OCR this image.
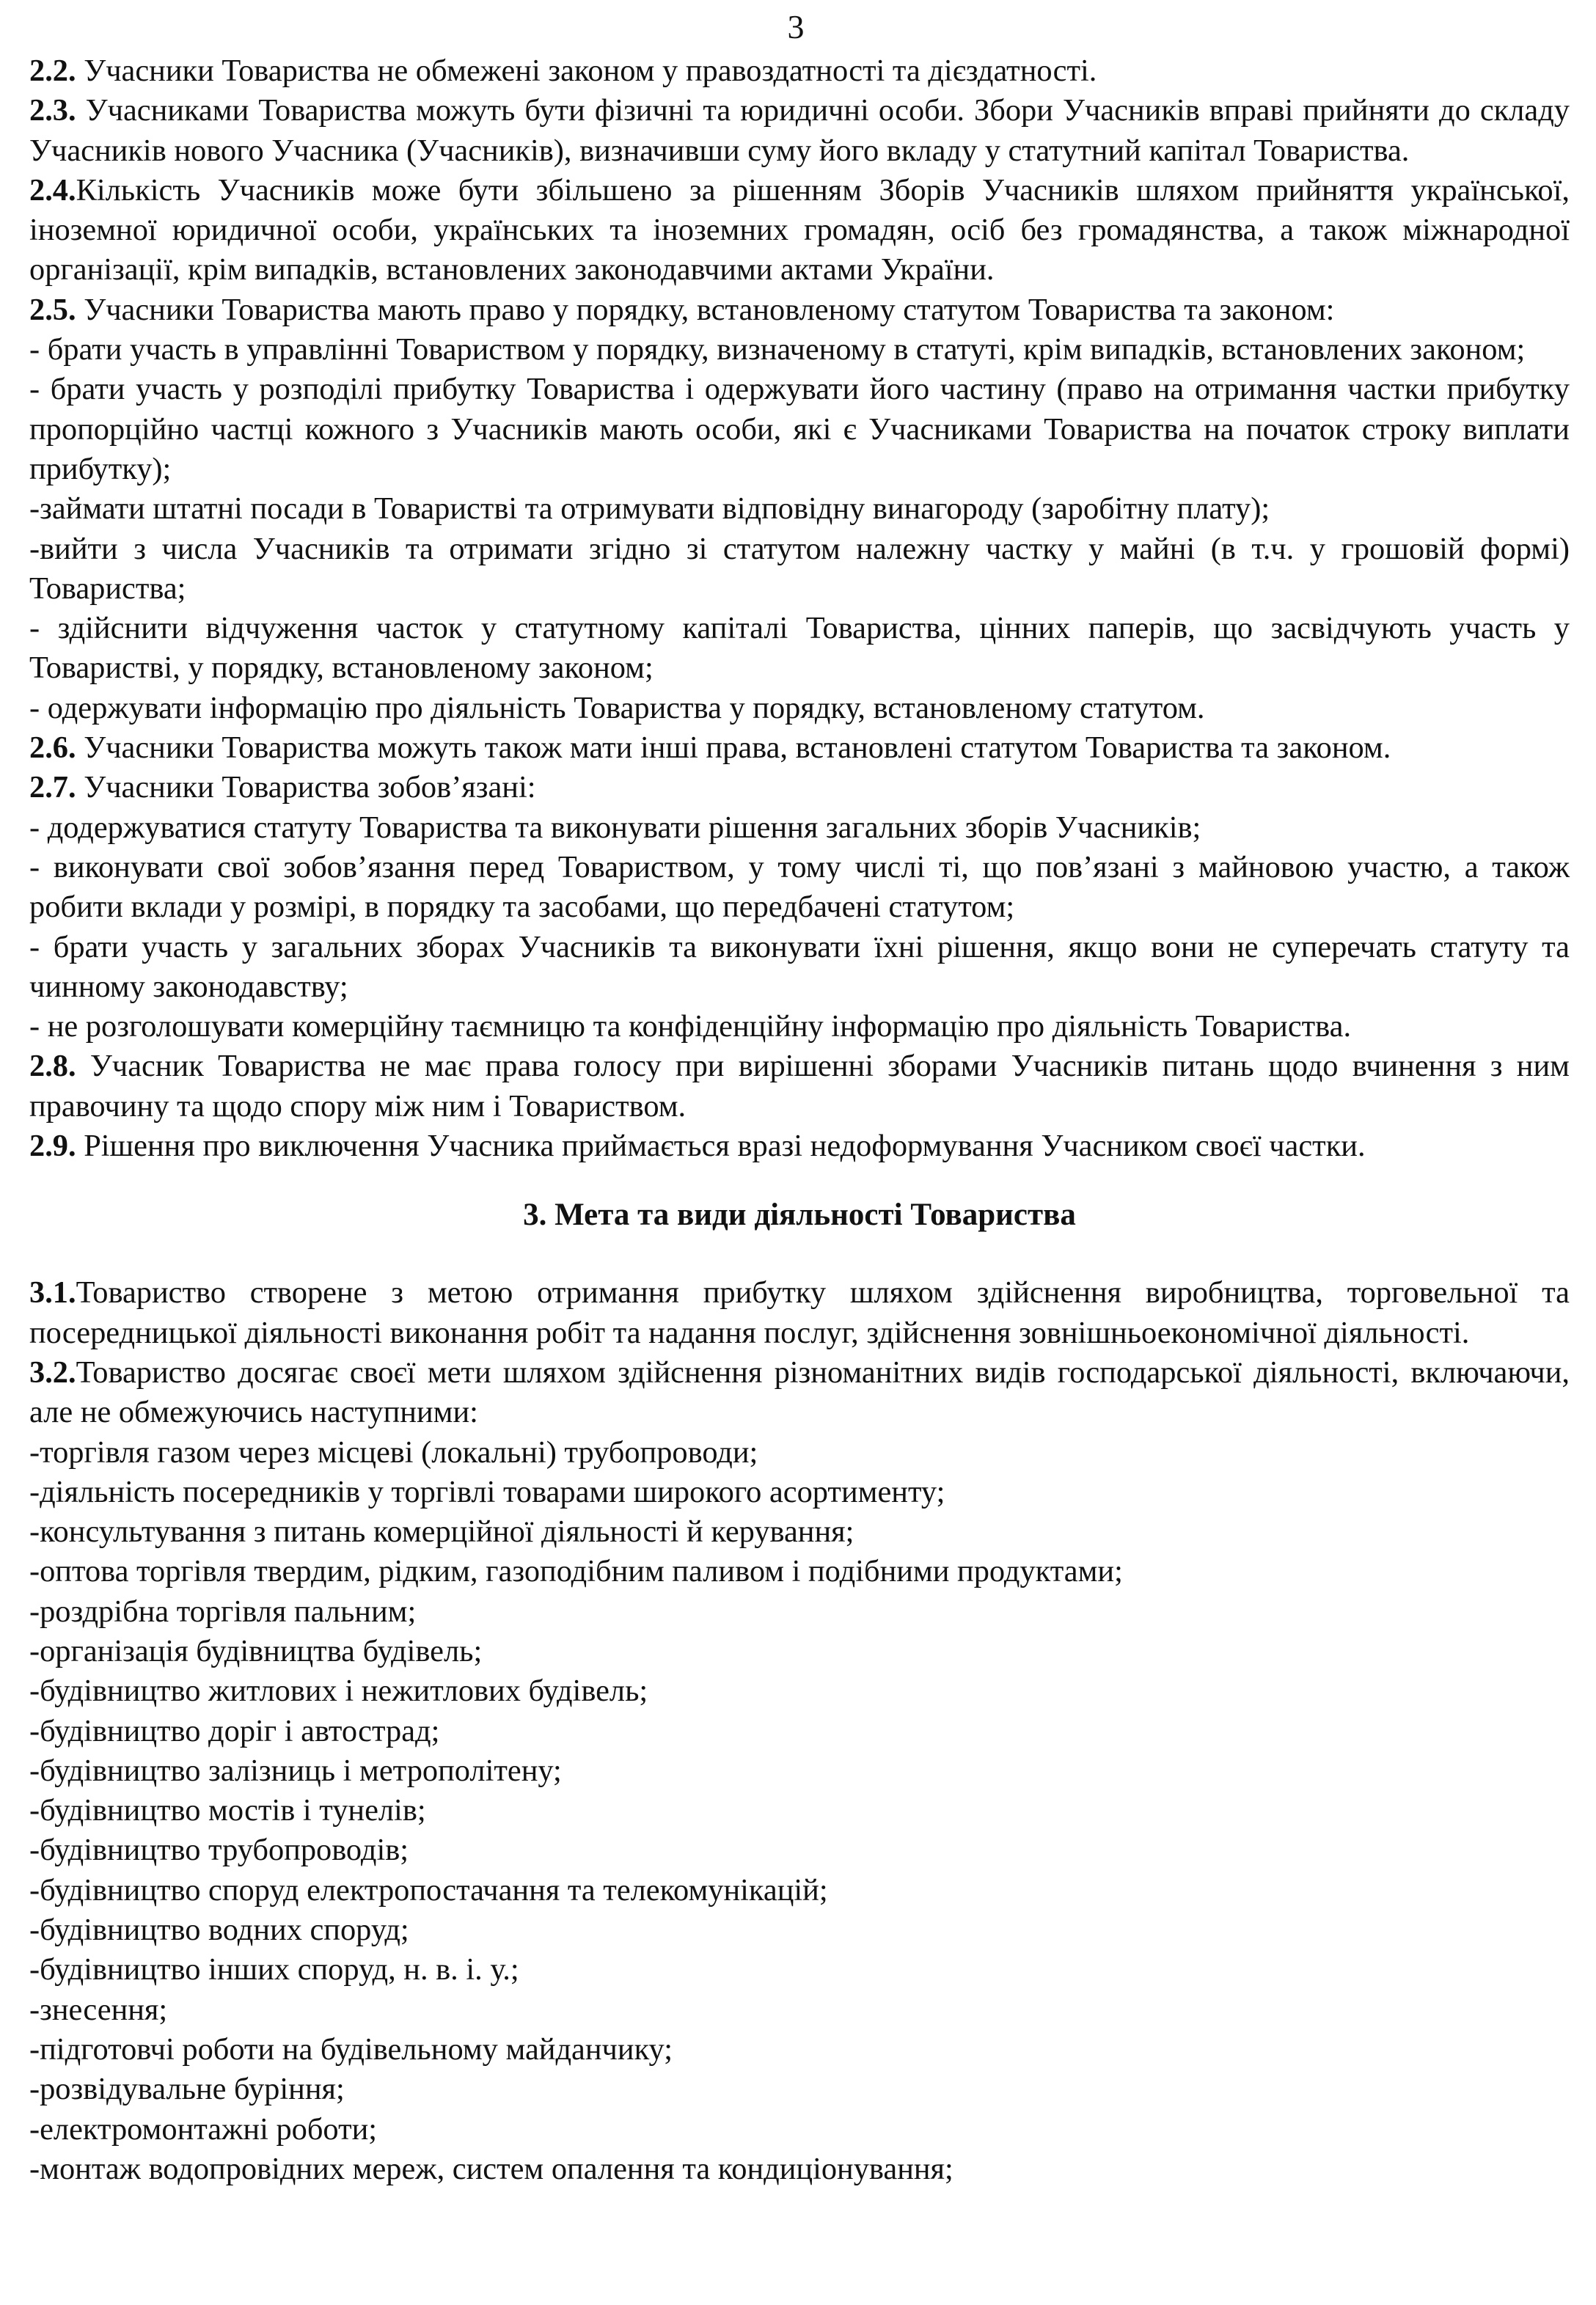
3

2.2. Учасники Товариства не обмежені законом у правоздатності та дієздатності.

2.3. Учасниками Товариства можуть бути фізичні та юридичні особи. Збори Учасників вправі прийняти до складу Учасників нового Учасника (Учасників), визначивши суму його вкладу у статутний капітал Товариства.

2.4.Кількість Учасників може бути збільшено за рішенням Зборів Учасників шляхом прийняття української, іноземної юридичної особи, українських та іноземних громадян, осіб без громадянства, а також міжнародної організації, крім випадків, встановлених законодавчими актами України.

2.5. Учасники Товариства мають право у порядку, встановленому статутом Товариства та законом:

- брати участь в управлінні Товариством у порядку, визначеному в статуті, крім випадків, встановлених законом;

- брати участь у розподілі прибутку Товариства і одержувати його частину (право на отримання частки прибутку пропорційно частці кожного з Учасників мають особи, які є Учасниками Товариства на початок строку виплати прибутку);

-займати штатні посади в Товаристві та отримувати відповідну винагороду (заробітну плату);

-вийти з числа Учасників та отримати згідно зі статутом належну частку у майні (в т.ч. у грошовій формі) Товариства;

- здійснити відчуження часток у статутному капіталі Товариства, цінних паперів, що засвідчують участь у Товаристві, у порядку, встановленому законом;

- одержувати інформацію про діяльність Товариства у порядку, встановленому статутом.

2.6. Учасники Товариства можуть також мати інші права, встановлені статутом Товариства та законом.

2.7. Учасники Товариства зобов’язані:

- додержуватися статуту Товариства та виконувати рішення загальних зборів Учасників;

- виконувати свої зобов’язання перед Товариством, у тому числі ті, що пов’язані з майновою участю, а також робити вклади у розмірі, в порядку та засобами, що передбачені статутом;

- брати участь у загальних зборах Учасників та виконувати їхні рішення, якщо вони не суперечать статуту та чинному законодавству;

- не розголошувати комерційну таємницю та конфіденційну інформацію про діяльність Товариства.

2.8. Учасник Товариства не має права голосу при вирішенні зборами Учасників питань щодо вчинення з ним правочину та щодо спору між ним і Товариством.

2.9. Рішення про виключення Учасника приймається вразі недоформування Учасником своєї частки.

3. Мета та види діяльності Товариства

3.1.Товариство створене з метою отримання прибутку шляхом здійснення виробництва, торговельної та посередницької діяльності виконання робіт та надання послуг, здійснення зовнішньоекономічної діяльності.

3.2.Товариство досягає своєї мети шляхом здійснення різноманітних видів господарської діяльності, включаючи, але не обмежуючись наступними:

-торгівля газом через місцеві (локальні) трубопроводи;

-діяльність посередників у торгівлі товарами широкого асортименту;

-консультування з питань комерційної діяльності й керування;

-оптова торгівля твердим, рідким, газоподібним паливом і подібними продуктами;

-роздрібна торгівля пальним;

-організація будівництва будівель;

-будівництво житлових і нежитлових будівель;

-будівництво доріг і автострад;

-будівництво залізниць і метрополітену;

-будівництво мостів і тунелів;

-будівництво трубопроводів;

-будівництво споруд електропостачання та телекомунікацій;

-будівництво водних споруд;

-будівництво інших споруд, н. в. і. у.;

-знесення;

-підготовчі роботи на будівельному майданчику;

-розвідувальне буріння;

-електромонтажні роботи;

-монтаж водопровідних мереж, систем опалення та кондиціонування;
